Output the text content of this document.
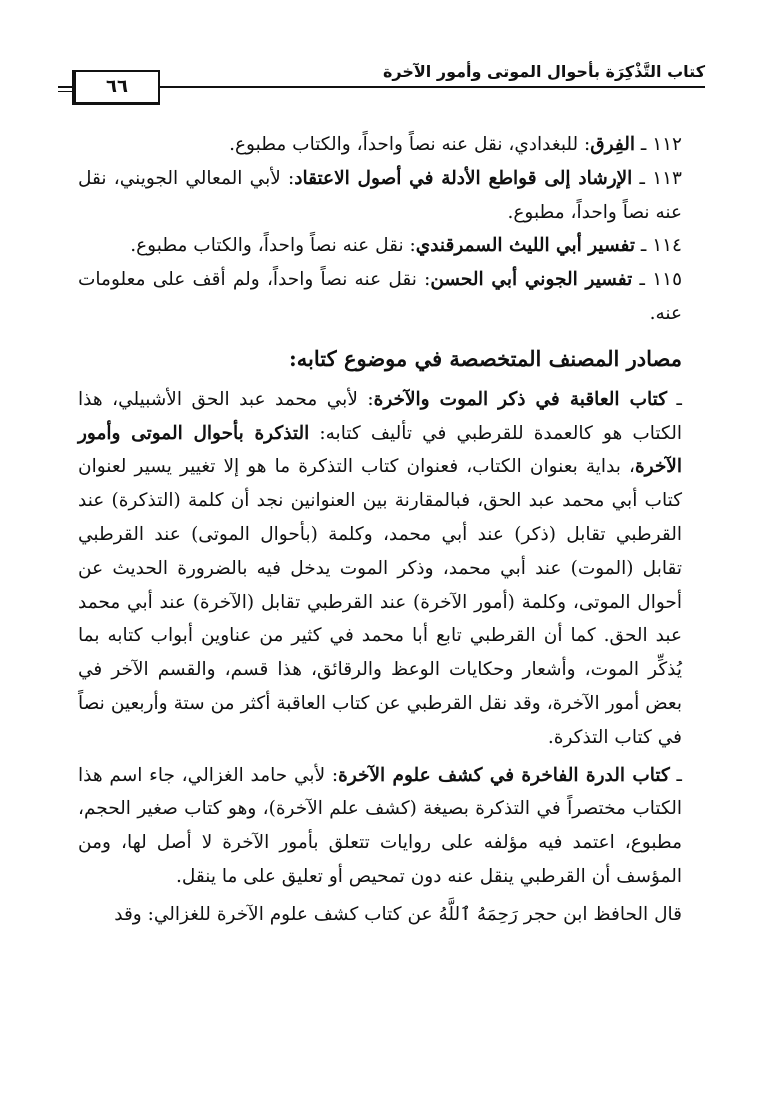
كتاب التَّذْكِرَة بأحوال الموتى وأمور الآخرة
٦٦

١١٢ ـ الفِرق: للبغدادي، نقل عنه نصاً واحداً، والكتاب مطبوع.

١١٣ ـ الإرشاد إلى قواطع الأدلة في أصول الاعتقاد: لأبي المعالي الجويني، نقل عنه نصاً واحداً، مطبوع.

١١٤ ـ تفسير أبي الليث السمرقندي: نقل عنه نصاً واحداً، والكتاب مطبوع.

١١٥ ـ تفسير الجوني أبي الحسن: نقل عنه نصاً واحداً، ولم أقف على معلومات عنه.

مصادر المصنف المتخصصة في موضوع كتابه:

ـ كتاب العاقبة في ذكر الموت والآخرة: لأبي محمد عبد الحق الأشبيلي، هذا الكتاب هو كالعمدة للقرطبي في تأليف كتابه: التذكرة بأحوال الموتى وأمور الآخرة، بداية بعنوان الكتاب، فعنوان كتاب التذكرة ما هو إلا تغيير يسير لعنوان كتاب أبي محمد عبد الحق، فبالمقارنة بين العنوانين نجد أن كلمة (التذكرة) عند القرطبي تقابل (ذكر) عند أبي محمد، وكلمة (بأحوال الموتى) عند القرطبي تقابل (الموت) عند أبي محمد، وذكر الموت يدخل فيه بالضرورة الحديث عن أحوال الموتى، وكلمة (أمور الآخرة) عند القرطبي تقابل (الآخرة) عند أبي محمد عبد الحق. كما أن القرطبي تابع أبا محمد في كثير من عناوين أبواب كتابه بما يُذكِّر الموت، وأشعار وحكايات الوعظ والرقائق، هذا قسم، والقسم الآخر في بعض أمور الآخرة، وقد نقل القرطبي عن كتاب العاقبة أكثر من ستة وأربعين نصاً في كتاب التذكرة.

ـ كتاب الدرة الفاخرة في كشف علوم الآخرة: لأبي حامد الغزالي، جاء اسم هذا الكتاب مختصراً في التذكرة بصيغة (كشف علم الآخرة)، وهو كتاب صغير الحجم، مطبوع، اعتمد فيه مؤلفه على روايات تتعلق بأمور الآخرة لا أصل لها، ومن المؤسف أن القرطبي ينقل عنه دون تمحيص أو تعليق على ما ينقل.

قال الحافظ ابن حجر رَحِمَهُ ٱللَّهُ عن كتاب كشف علوم الآخرة للغزالي: وقد
